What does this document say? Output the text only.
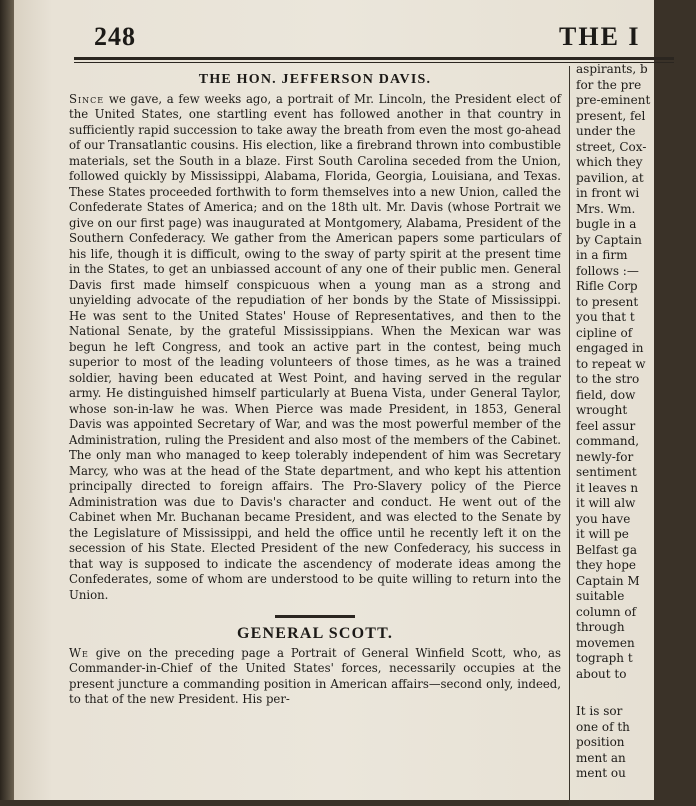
248	THE I
THE HON. JEFFERSON DAVIS.

Since we gave, a few weeks ago, a portrait of Mr. Lincoln, the President elect of the United States, one startling event has followed another in that country in sufficiently rapid succession to take away the breath from even the most go-ahead of our Transatlantic cousins. His election, like a firebrand thrown into combustible materials, set the South in a blaze. First South Carolina seceded from the Union, followed quickly by Mississippi, Alabama, Florida, Georgia, Louisiana, and Texas. These States proceeded forthwith to form themselves into a new Union, called the Confederate States of America; and on the 18th ult. Mr. Davis (whose Portrait we give on our first page) was inaugurated at Montgomery, Alabama, President of the Southern Confederacy. We gather from the American papers some particulars of his life, though it is difficult, owing to the sway of party spirit at the present time in the States, to get an unbiassed account of any one of their public men. General Davis first made himself conspicuous when a young man as a strong and unyielding advocate of the repudiation of her bonds by the State of Mississippi. He was sent to the United States' House of Representatives, and then to the National Senate, by the grateful Mississippians. When the Mexican war was begun he left Congress, and took an active part in the contest, being much superior to most of the leading volunteers of those times, as he was a trained soldier, having been educated at West Point, and having served in the regular army. He distinguished himself particularly at Buena Vista, under General Taylor, whose son-in-law he was. When Pierce was made President, in 1853, General Davis was appointed Secretary of War, and was the most powerful member of the Administration, ruling the President and also most of the members of the Cabinet. The only man who managed to keep tolerably independent of him was Secretary Marcy, who was at the head of the State department, and who kept his attention principally directed to foreign affairs. The Pro-Slavery policy of the Pierce Administration was due to Davis's character and conduct. He went out of the Cabinet when Mr. Buchanan became President, and was elected to the Senate by the Legislature of Mississippi, and held the office until he recently left it on the secession of his State. Elected President of the new Confederacy, his success in that way is supposed to indicate the ascendency of moderate ideas among the Confederates, some of whom are understood to be quite willing to return into the Union.

GENERAL SCOTT.

We give on the preceding page a Portrait of General Winfield Scott, who, as Commander-in-Chief of the United States' forces, necessarily occupies at the present juncture a commanding position in American affairs—second only, indeed, to that of the new President. His per-

aspirants, b
for the pre
pre-eminent
present, fel
under the
street, Cox-
which they
pavilion, at
in front wi
Mrs. Wm.
bugle in a
by Captain
in a firm
follows :—
Rifle Corp
to present
you that t
cipline of
engaged in
to repeat w
to the stro
field, dow
wrought
feel assur
command,
newly-for
sentiment
it leaves n
it will alw
you have
it will pe
Belfast ga
they hope
Captain M
suitable
column of
through
movemen
tograph t
about to
It is sor
one of th
position
ment an
ment ou
